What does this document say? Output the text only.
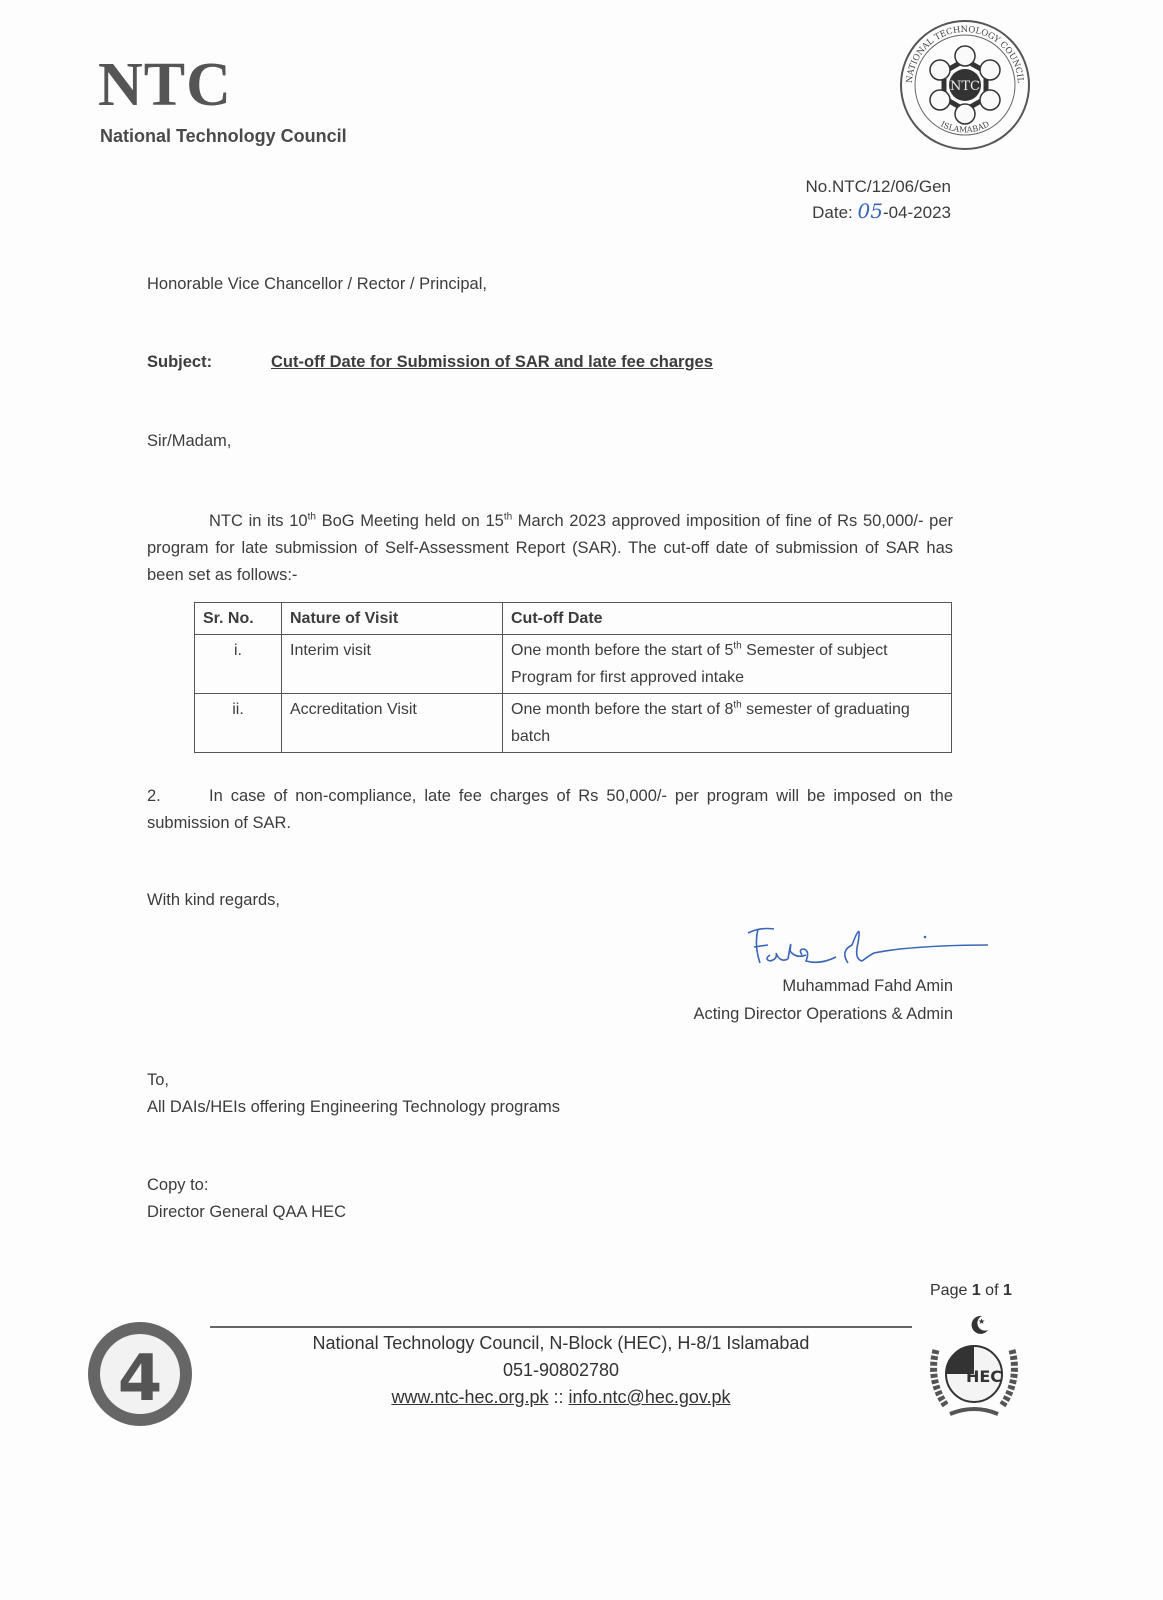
NTC
National Technology Council
NATIONAL TECHNOLOGY COUNCIL
ISLAMABAD
NTC
No.NTC/12/06/Gen
Date: 05-04-2023
Honorable Vice Chancellor / Rector / Principal,
Subject:	Cut-off Date for Submission of SAR and late fee charges
Sir/Madam,
NTC in its 10th BoG Meeting held on 15th March 2023 approved imposition of fine of Rs 50,000/- per program for late submission of Self-Assessment Report (SAR). The cut-off date of submission of SAR has been set as follows:-
Sr. No.	Nature of Visit	Cut-off Date
i.	Interim visit	One month before the start of 5th Semester of subject Program for first approved intake
ii.	Accreditation Visit	One month before the start of 8th semester of graduating batch
2.	In case of non-compliance, late fee charges of Rs 50,000/- per program will be imposed on the submission of SAR.
With kind regards,
Muhammad Fahd Amin
Acting Director Operations & Admin
To,
All DAIs/HEIs offering Engineering Technology programs
Copy to:
Director General QAA HEC
Page 1 of 1
National Technology Council, N-Block (HEC), H-8/1 Islamabad
051-90802780
www.ntc-hec.org.pk :: info.ntc@hec.gov.pk
4
★
HEC
